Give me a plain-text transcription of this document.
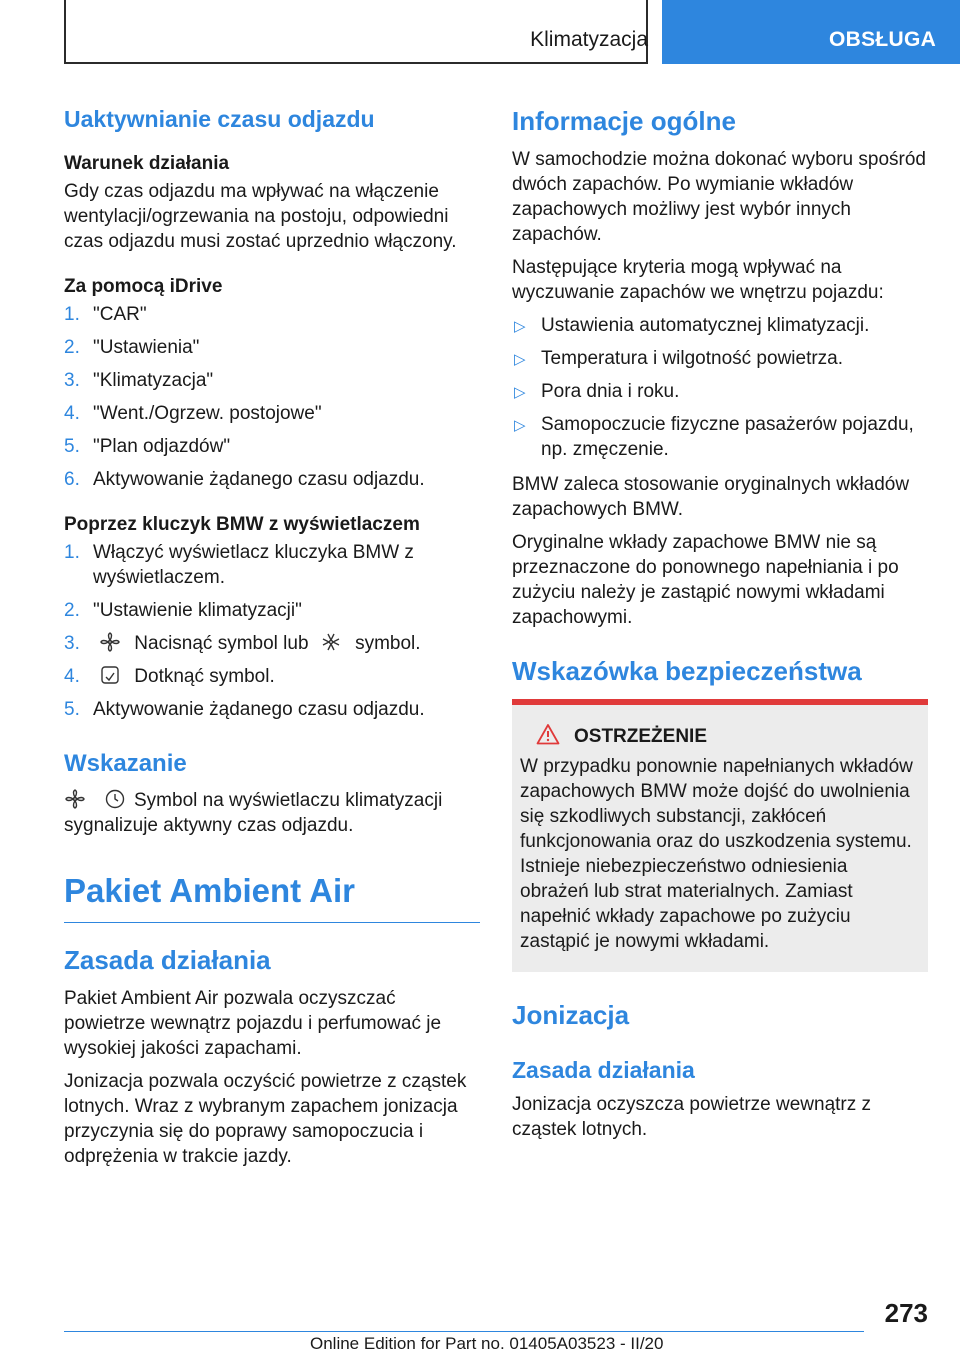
Klimatyzacja	OBSŁUGA
Uaktywnianie czasu odjazdu
Warunek działania

Gdy czas odjazdu ma wpływać na włączenie wentylacji/ogrzewania na postoju, odpowiedni czas odjazdu musi zostać uprzednio włączony.

Za pomocą iDrive
1. "CAR"
2. "Ustawienia"
3. "Klimatyzacja"
4. "Went./Ogrzew. postojowe"
5. "Plan odjazdów"
6. Aktywowanie żądanego czasu odjazdu.
Poprzez kluczyk BMW z wyświetlaczem
1. Włączyć wyświetlacz kluczyka BMW z wyświetlaczem.
2. "Ustawienie klimatyzacji"
3.	Nacisnąć symbol lub symbol.
4.	Dotknąć symbol.
5. Aktywowanie żądanego czasu odjazdu.
Wskazanie

Symbol na wyświetlaczu klimatyzacji sygnalizuje aktywny czas odjazdu.

Pakiet Ambient Air
Zasada działania

Pakiet Ambient Air pozwala oczyszczać powietrze wewnątrz pojazdu i perfumować je wysokiej jakości zapachami.

Jonizacja pozwala oczyścić powietrze z cząstek lotnych. Wraz z wybranym zapachem jonizacja przyczynia się do poprawy samopoczucia i odprężenia w trakcie jazdy.

Informacje ogólne

W samochodzie można dokonać wyboru spośród dwóch zapachów. Po wymianie wkładów zapachowych możliwy jest wybór innych zapachów.

Następujące kryteria mogą wpływać na wyczuwanie zapachów we wnętrzu pojazdu:

▷ Ustawienia automatycznej klimatyzacji.
▷ Temperatura i wilgotność powietrza.
▷ Pora dnia i roku.
▷ Samopoczucie fizyczne pasażerów pojazdu, np. zmęczenie.

BMW zaleca stosowanie oryginalnych wkładów zapachowych BMW.

Oryginalne wkłady zapachowe BMW nie są przeznaczone do ponownego napełniania i po zużyciu należy je zastąpić nowymi wkładami zapachowymi.

Wskazówka bezpieczeństwa
OSTRZEŻENIE

W przypadku ponownie napełnianych wkładów zapachowych BMW może dojść do uwolnienia się szkodliwych substancji, zakłóceń funkcjonowania oraz do uszkodzenia systemu. Istnieje niebezpieczeństwo odniesienia obrażeń lub strat materialnych. Zamiast napełnić wkłady zapachowe po zużyciu zastąpić je nowymi wkładami.

Jonizacja
Zasada działania

Jonizacja oczyszcza powietrze wewnątrz z cząstek lotnych.

273
Online Edition for Part no. 01405A03523 - II/20
